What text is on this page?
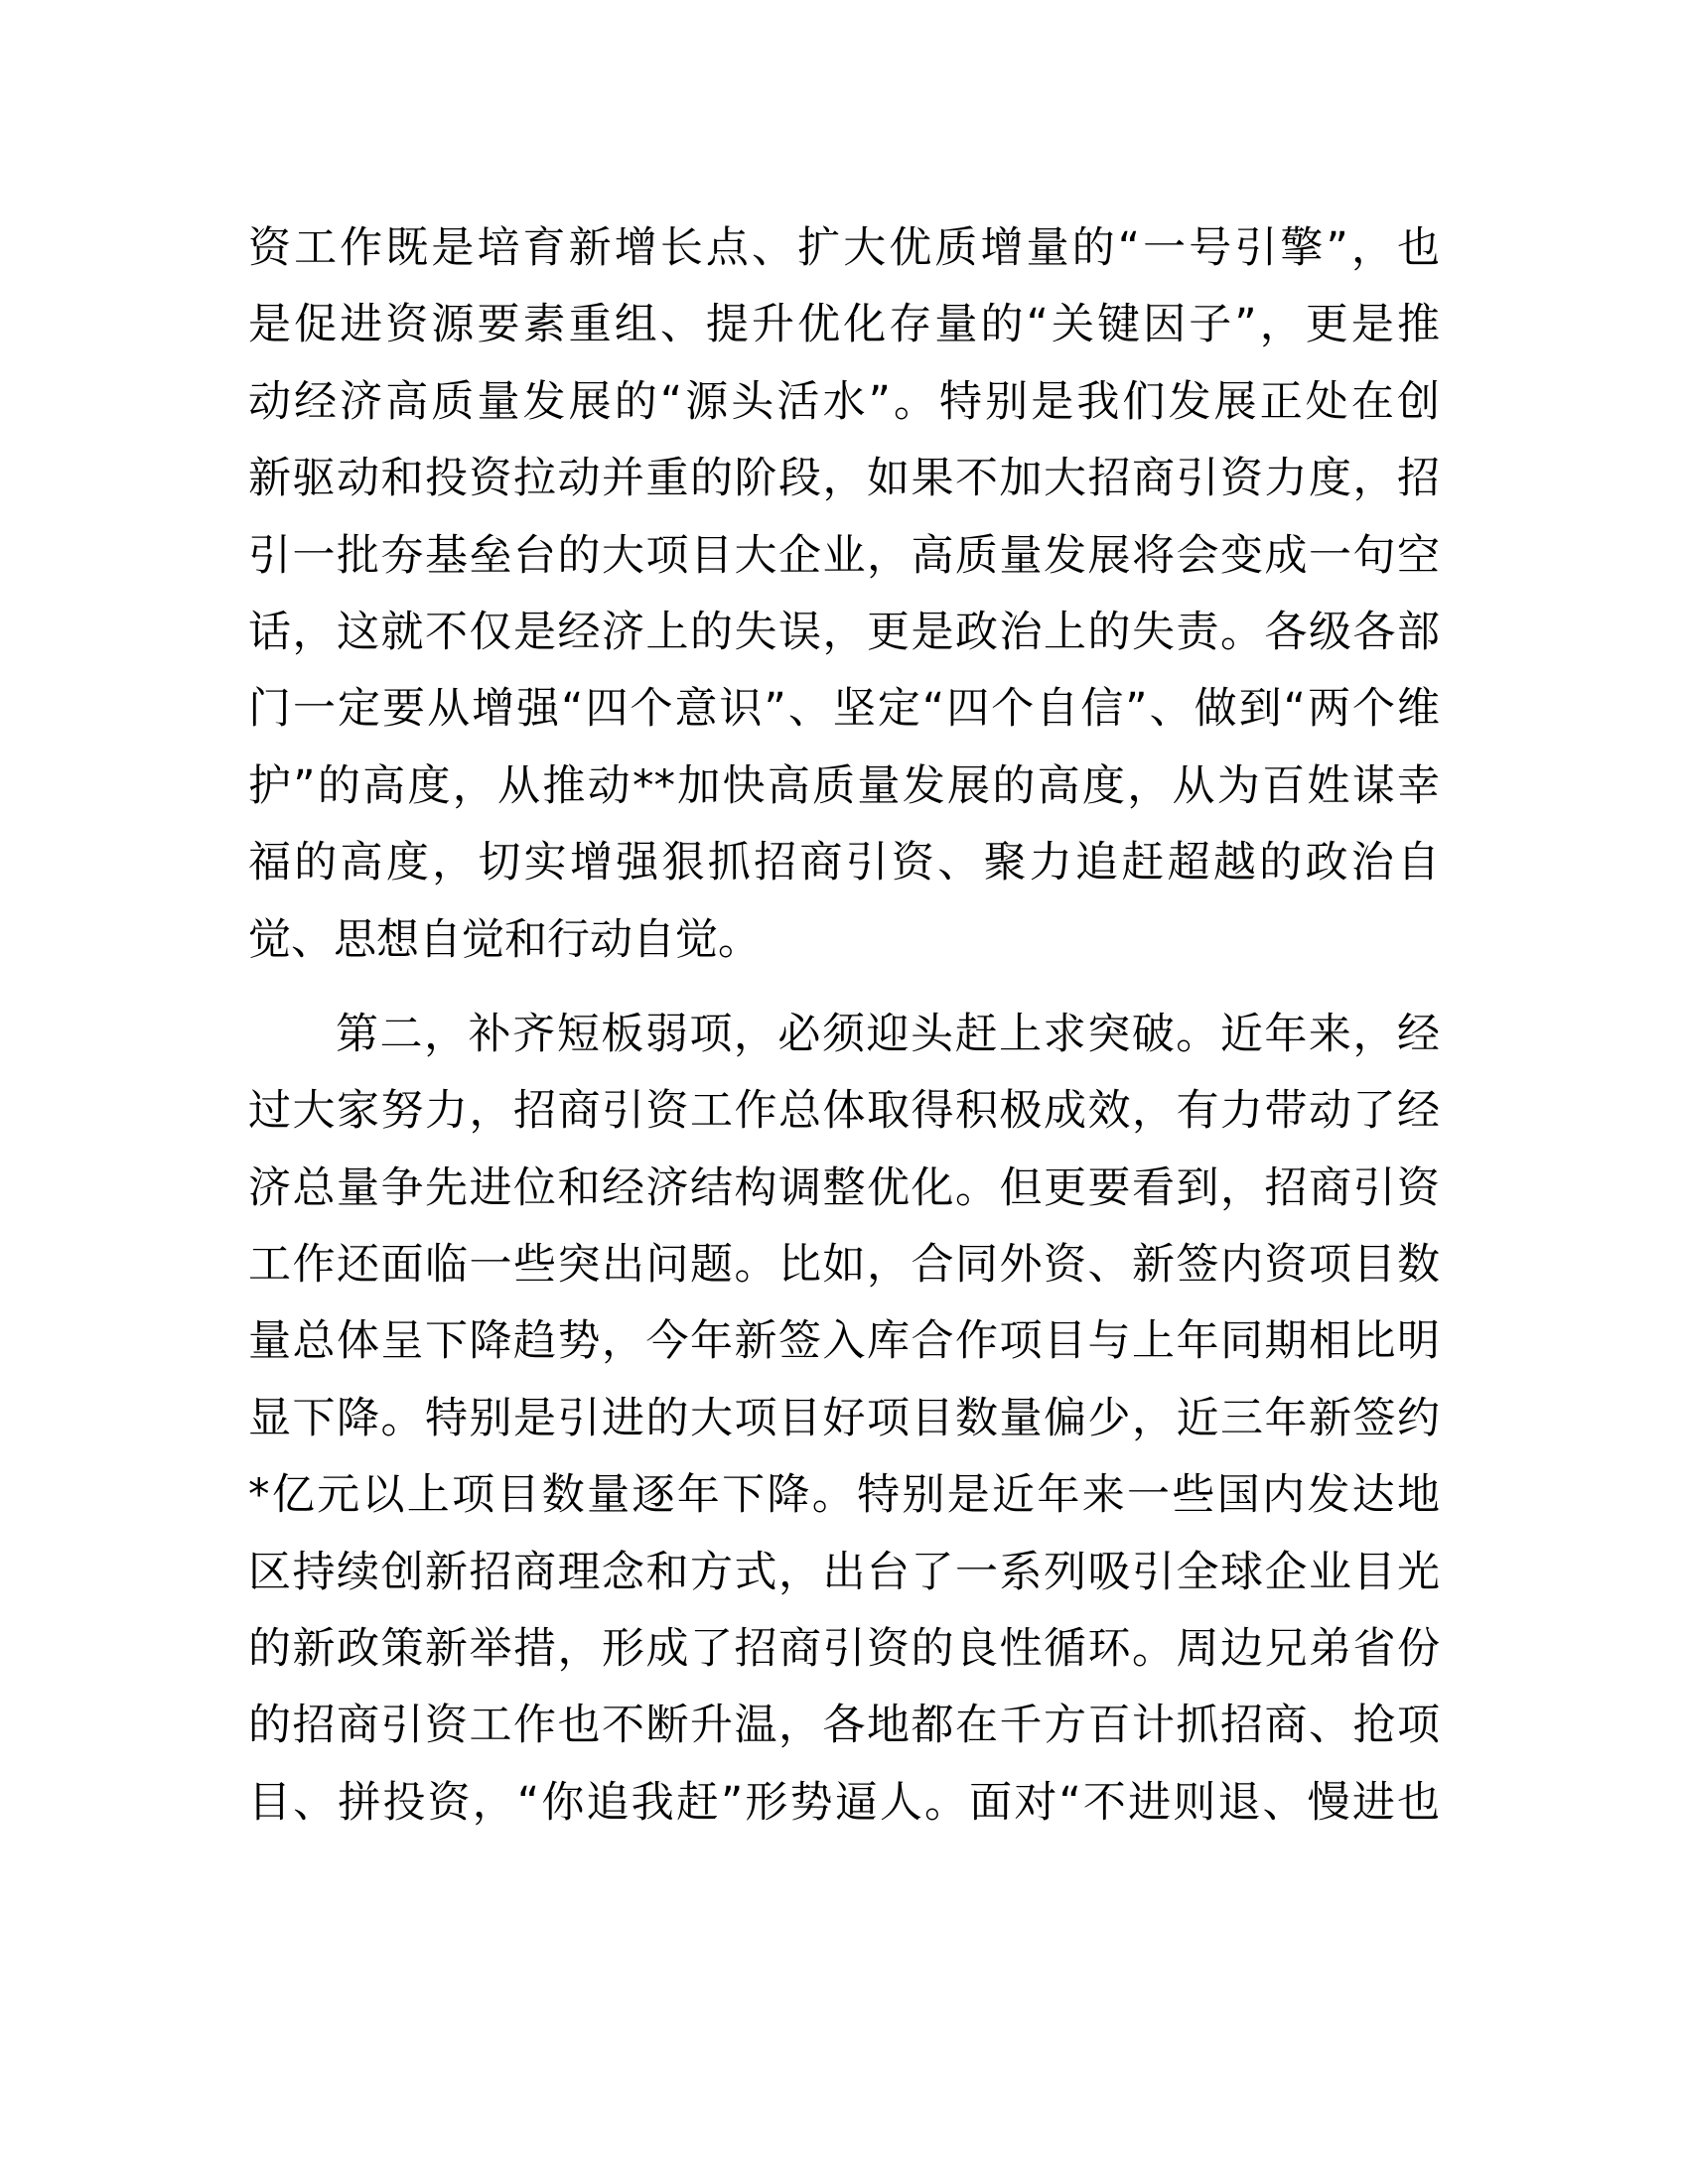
资工作既是培育新增长点、扩大优质增量的“一号引擎”，也
是促进资源要素重组、提升优化存量的“关键因子”，更是推
动经济高质量发展的“源头活水”。特别是我们发展正处在创
新驱动和投资拉动并重的阶段，如果不加大招商引资力度，招
引一批夯基垒台的大项目大企业，高质量发展将会变成一句空
话，这就不仅是经济上的失误，更是政治上的失责。各级各部
门一定要从增强“四个意识”、坚定“四个自信”、做到“两个维
护”的高度，从推动**加快高质量发展的高度，从为百姓谋幸
福的高度，切实增强狠抓招商引资、聚力追赶超越的政治自
觉、思想自觉和行动自觉。
第二，补齐短板弱项，必须迎头赶上求突破。近年来，经
过大家努力，招商引资工作总体取得积极成效，有力带动了经
济总量争先进位和经济结构调整优化。但更要看到，招商引资
工作还面临一些突出问题。比如，合同外资、新签内资项目数
量总体呈下降趋势，今年新签入库合作项目与上年同期相比明
显下降。特别是引进的大项目好项目数量偏少，近三年新签约
*亿元以上项目数量逐年下降。特别是近年来一些国内发达地
区持续创新招商理念和方式，出台了一系列吸引全球企业目光
的新政策新举措，形成了招商引资的良性循环。周边兄弟省份
的招商引资工作也不断升温，各地都在千方百计抓招商、抢项
目、拼投资，“你追我赶”形势逼人。面对“不进则退、慢进也
